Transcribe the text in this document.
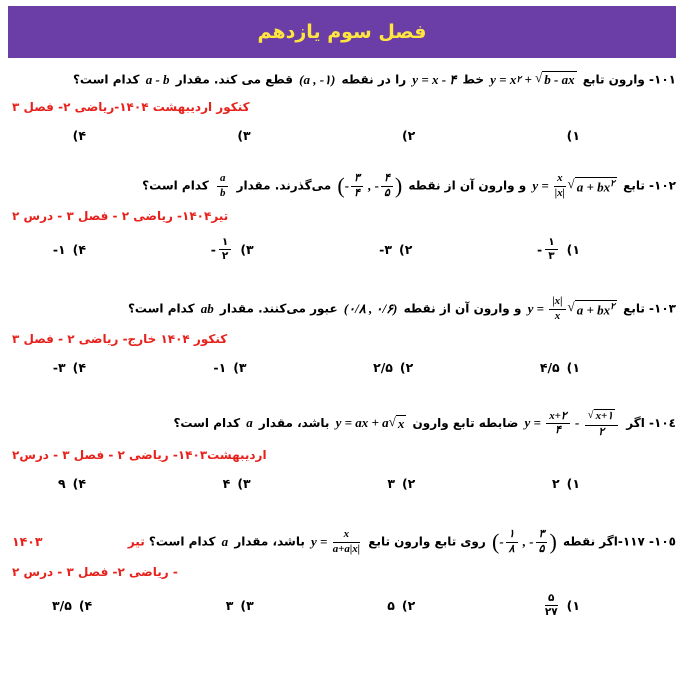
فصل سوم یازدهم
۱۰۱- وارون تابع
y = x ۲ + √ b - ax
خط
y = x - ۴
را در نقطه
(a , -۱)
قطع می کند. مقدار
a - b
کدام است؟
کنکور اردیبهشت ۱۴۰۴-ریاضی ۲- فصل ۳
(۱
(۲
(۳
(۴
۱۰۲- تابع
$y = \frac{x}{|x|}$ √ $a + bx^۲$
و وارون آن از نقطه
( - $\frac{۳}{۴}$ , - $\frac{۴}{۵}$ )
می‌گذرند. مقدار
$\frac{a}{b}$
کدام است؟
تیر۱۴۰۴- ریاضی ۲ - فصل ۳ - درس ۲
- $\frac{۱}{۳}$ (۱
-۳ (۲
- $\frac{۱}{۲}$ (۳
-۱ (۴
۱۰۳- تابع
$y = \frac{|x|}{x}$ √ $a + bx^۲$
و وارون آن از نقطه
(۰/۸ , ۰/۶)
عبور می‌کنند. مقدار
ab
کدام است؟
کنکور ۱۴۰۴ خارج- ریاضی ۲ - فصل ۳
۴/۵ (۱
۲/۵ (۲
-۱ (۳
-۳ (۴
۱۰٤- اگر
$y = \frac{x+۲}{۴} - \frac{√ x+۱}{۲}$
ضابطه تابع وارون
y = ax + a √ x
باشد، مقدار
a
کدام است؟
اردیبهشت۱۴۰۳- ریاضی ۲ - فصل ۳ - درس۲
۲ (۱
۳ (۲
۴ (۳
۹ (۴
۱۰٥- ۱۱۷-اگر نقطه
( - $\frac{۱}{۸}$ , - $\frac{۳}{۵}$ )
روی تابع وارون تابع
$y = \frac{x}{a+a|x|}$
باشد، مقدار
a
کدام است؟ تیر
۱۴۰۳
- ریاضی ۲- فصل ۳ - درس ۲
$\frac{۵}{۲۷}$ (۱
۵ (۲
۳ (۳
۳/۵ (۴
